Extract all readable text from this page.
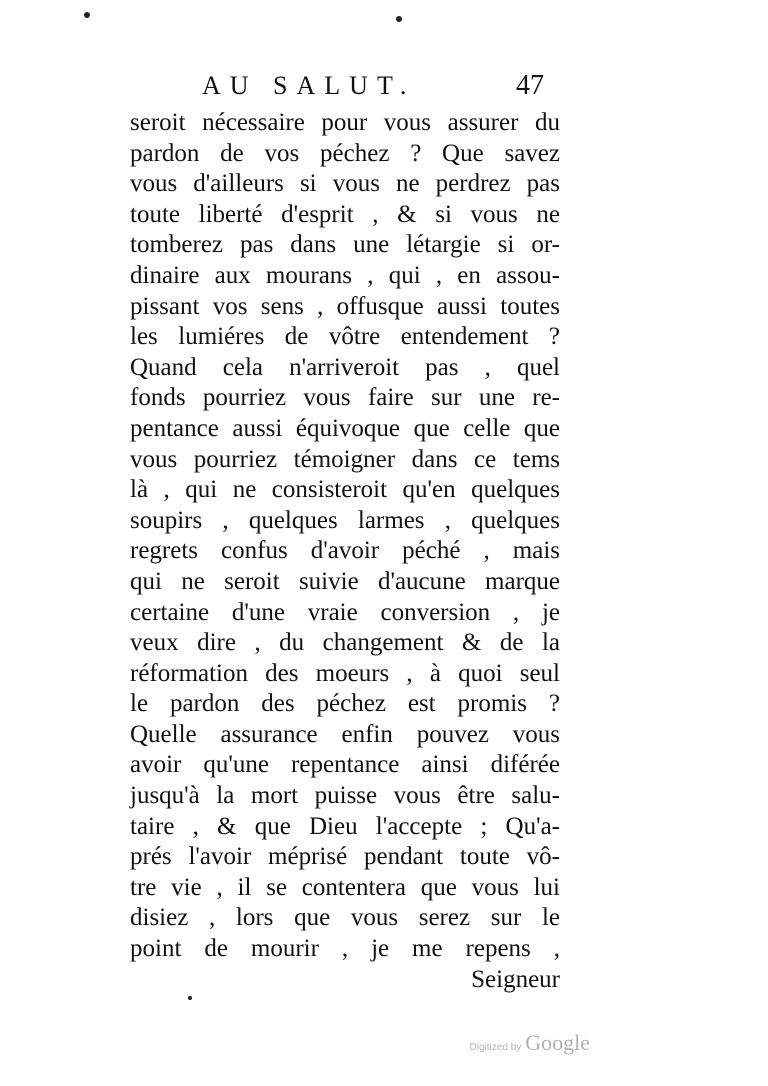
AU SALUT.	47
seroit nécessaire pour vous assurer du
pardon de vos péchez ? Que savez
vous d'ailleurs si vous ne perdrez pas
toute liberté d'esprit , & si vous ne
tomberez pas dans une létargie si or-
dinaire aux mourans , qui , en assou-
pissant vos sens , offusque aussi toutes
les lumiéres de vôtre entendement ?
Quand cela n'arriveroit pas , quel
fonds pourriez vous faire sur une re-
pentance aussi équivoque que celle que
vous pourriez témoigner dans ce tems
là , qui ne consisteroit qu'en quelques
soupirs , quelques larmes , quelques
regrets confus d'avoir péché , mais
qui ne seroit suivie d'aucune marque
certaine d'une vraie conversion , je
veux dire , du changement & de la
réformation des moeurs , à quoi seul
le pardon des péchez est promis ?
Quelle assurance enfin pouvez vous
avoir qu'une repentance ainsi diférée
jusqu'à la mort puisse vous être salu-
taire , & que Dieu l'accepte ; Qu'a-
prés l'avoir méprisé pendant toute vô-
tre vie , il se contentera que vous lui
disiez , lors que vous serez sur le
point de mourir , je me repens ,
Seigneur
Digitized by Google
